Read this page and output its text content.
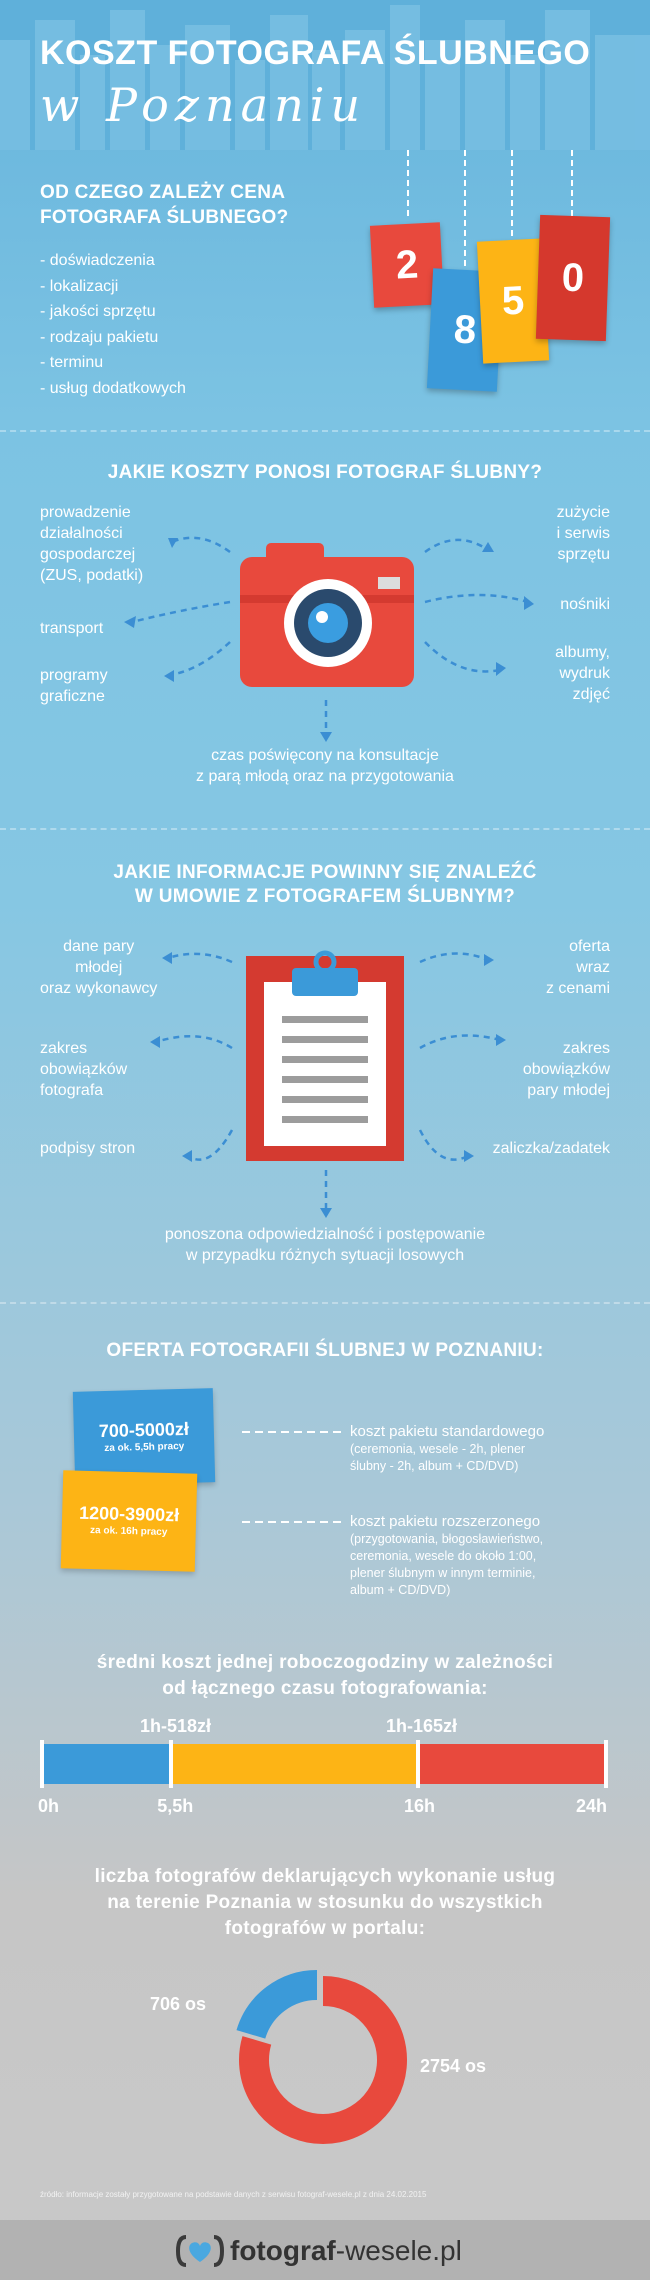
KOSZT FOTOGRAFA ŚLUBNEGO
w Poznaniu
OD CZEGO ZALEŻY CENA
FOTOGRAFA ŚLUBNEGO?
- doświadczenia
- lokalizacji
- jakości sprzętu
- rodzaju pakietu
- terminu
- usług dodatkowych
2
8
5
0
JAKIE KOSZTY PONOSI FOTOGRAF ŚLUBNY?
prowadzenie
działalności
gospodarczej
(ZUS, podatki)
transport
programy
graficzne
zużycie
i serwis
sprzętu
nośniki
albumy,
wydruk
zdjęć
czas poświęcony na konsultacje
z parą młodą oraz na przygotowania
JAKIE INFORMACJE POWINNY SIĘ ZNALEŹĆ
W UMOWIE Z FOTOGRAFEM ŚLUBNYM?
dane pary
młodej
oraz wykonawcy
zakres
obowiązków
fotografa
podpisy stron
oferta
wraz
z cenami
zakres
obowiązków
pary młodej
zaliczka/zadatek
ponoszona odpowiedzialność i postępowanie
w przypadku różnych sytuacji losowych
OFERTA FOTOGRAFII ŚLUBNEJ W POZNANIU:
700-5000zł
za ok. 5,5h pracy
1200-3900zł
za ok. 16h pracy
koszt pakietu standardowego
(ceremonia, wesele - 2h, plener
ślubny - 2h, album + CD/DVD)
koszt pakietu rozszerzonego
(przygotowania, błogosławieństwo,
ceremonia, wesele do około 1:00,
plener ślubnym w innym terminie,
album + CD/DVD)
średni koszt jednej roboczogodziny w zależności
od łącznego czasu fotografowania:
1h-518zł	1h-165zł
0h	5,5h	16h	24h
liczba fotografów deklarujących wykonanie usług
na terenie Poznania w stosunku do wszystkich
fotografów w portalu:
706 os
2754 os
źródło: informacje zostały przygotowane na podstawie danych z serwisu fotograf-wesele.pl z dnia 24.02.2015
fotograf -wesele.pl
